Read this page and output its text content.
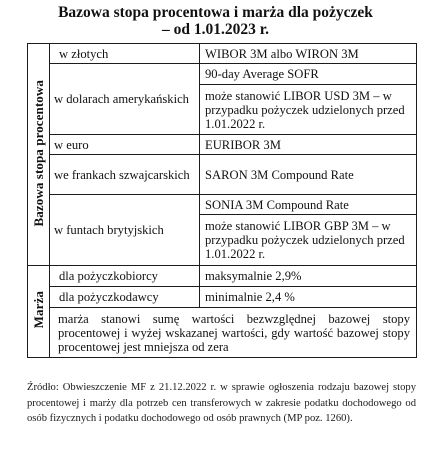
Bazowa stopa procentowa i marża dla pożyczek
– od 1.01.2023 r.
Bazowa stopa procentowa	w złotych	WIBOR 3M albo WIRON 3M
	w dolarach amerykańskich	90-day Average SOFR
		może stanowić LIBOR USD 3M – w przypadku pożyczek udzielonych przed 1.01.2022 r.
	w euro	EURIBOR 3M
	we frankach szwajcarskich	SARON 3M Compound Rate
	w funtach brytyjskich	SONIA 3M Compound Rate
		może stanowić LIBOR GBP 3M – w przypadku pożyczek udzielonych przed 1.01.2022 r.

Marża	dla pożyczkobiorcy	maksymalnie 2,9%
	dla pożyczkodawcy	minimalnie 2,4 %
	marża stanowi sumę wartości bezwzględnej bazowej stopy procentowej i wyżej wskazanej wartości, gdy wartość bazowej stopy procentowej jest mniejsza od zera	
Źródło: Obwieszczenie MF z 21.12.2022 r. w sprawie ogłoszenia rodzaju bazowej stopy procentowej i marży dla potrzeb cen transferowych w zakresie podatku dochodowego od osób fizycznych i podatku dochodowego od osób prawnych (MP poz. 1260).
